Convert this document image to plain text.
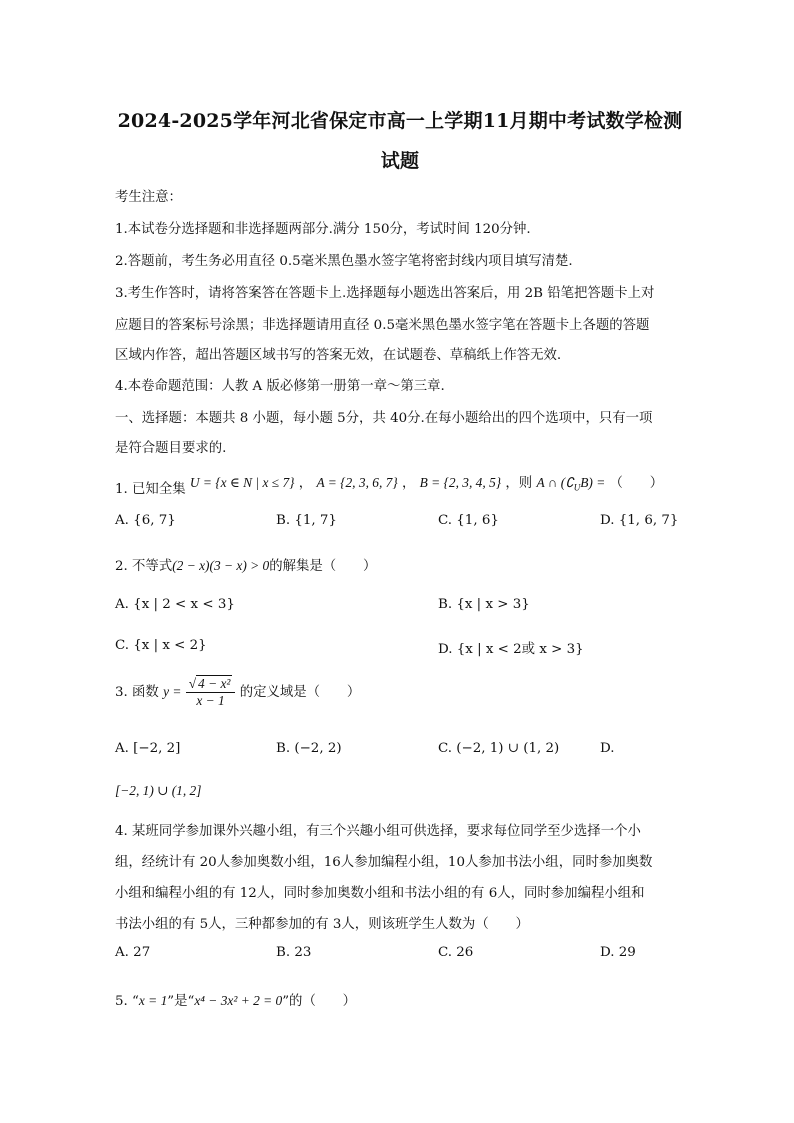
2024-2025学年河北省保定市高一上学期11月期中考试数学检测
试题
考生注意：
1.本试卷分选择题和非选择题两部分.满分 150分，考试时间 120分钟.
2.答题前，考生务必用直径 0.5毫米黑色墨水签字笔将密封线内项目填写清楚.
3.考生作答时，请将答案答在答题卡上.选择题每小题选出答案后，用 2B 铅笔把答题卡上对
应题目的答案标号涂黑；非选择题请用直径 0.5毫米黑色墨水签字笔在答题卡上各题的答题
区域内作答，超出答题区域书写的答案无效，在试题卷、草稿纸上作答无效.
4.本卷命题范围：人教 A 版必修第一册第一章～第三章.
一、选择题：本题共 8 小题，每小题 5分，共 40分.在每小题给出的四个选项中，只有一项
是符合题目要求的.
1. 已知全集 U = {x ∈ N | x ≤ 7} ， A = {2, 3, 6, 7} ， B = {2, 3, 4, 5} ，则 A ∩ $(∁_UB)$ = （　　）
A. {6, 7}	B. {1, 7}	C. {1, 6}	D. {1, 6, 7}
2. 不等式(2 − x)(3 − x) > 0的解集是（　　）
A. {x | 2 < x < 3}	B. {x | x > 3}
C. {x | x < 2}	D. {x | x < 2或 x > 3}
3. 函数 $y = \frac{\text{√ 4 − x²}}{x - 1}$ 的定义域是（　　）
A. [−2, 2]	B. (−2, 2)	C. (−2, 1) ∪ (1, 2)	D.
[−2, 1) ∪ (1, 2]
4. 某班同学参加课外兴趣小组，有三个兴趣小组可供选择，要求每位同学至少选择一个小
组，经统计有 20人参加奥数小组，16人参加编程小组，10人参加书法小组，同时参加奥数
小组和编程小组的有 12人，同时参加奥数小组和书法小组的有 6人，同时参加编程小组和
书法小组的有 5人，三种都参加的有 3人，则该班学生人数为（　　）
A. 27	B. 23	C. 26	D. 29
5. “x = 1”是“x⁴ − 3x² + 2 = 0”的（　　）
